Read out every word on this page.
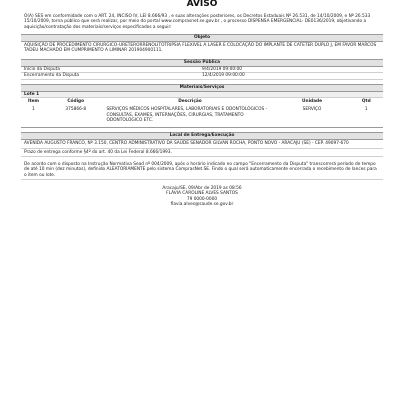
AVISO
O(A) SES em conformidade com o ART. 24, INCISO IV, LEI 8.666/93 , e suas alterações posteriores, os Decretos Estaduais Nº 26.531, de 14/10/2009, e Nº 26.533 15/10/2009, torna público que será realizar, por meio do portal www.comprasnet.se.gov.br , o processo DISPENSA EMERGENCIAL- DE0136/2019, objetivando a aquisição/contratação dos materiais/serviços especificados a seguir:
Objeto
AQUISIÇÃO DE PROCEDIMENTO CIRURGICO-URETERORRENOLITOTRIPSIA FLEXIVEL A LASER E COLOCAÇÃO DO IMPLANTE DE CATETER DUPLO J, EM FAVOR MARCOS TADEU MACHADO EM CUMPRIMENTO A LIMINAR 201904900111.
Sessão Pública
Início da Disputa	9/4/2019 09:00:00
Encerramento da Disputa	12/4/2019 09:00:00
Materiais/Serviços
Lote 1
Item	Código	Descrição	Unidade	Qtd
1	375866-8	SERVIÇOS MÉDICOS HOSPITALARES, LABORATORIAIS E ODONTOLÓGICOS - CONSULTAS, EXAMES, INTERNAÇÕES, CIRURGIAS, TRATAMENTO ODONTOLÓGICO ETC.	SERVIÇO	1
Local de Entrega/Execução
AVENIDA AUGUSTO FRANCO, Nº 3.150, CENTRO ADMINISTRATIVO DA SAÚDE SENADOR GILVAN ROCHA, PONTO NOVO - ARACAJU (SE) - CEP. 49097-670
Prazo de entrega conforme §4º do art. 40 da Lei Federal 8.666/1993.
De acordo com o disposto na Instrução Normativa Sead nº 004/2009, após o horário indicado no campo "Encerramento da Disputa" transcorrerá período de tempo de até 10 min (dez minutos), definido ALEATORIAMENTE pelo sistema ComprasNet.SE. Findo o qual será automaticamente encerrada o recebimento de lances para o item ou lote.
Aracaju/SE, 09/Abr de 2019 as 08:56
FLÁVIA CAROLINE ALVES SANTOS
79 0000-0000
flavia.alves@saude.se.gov.br
